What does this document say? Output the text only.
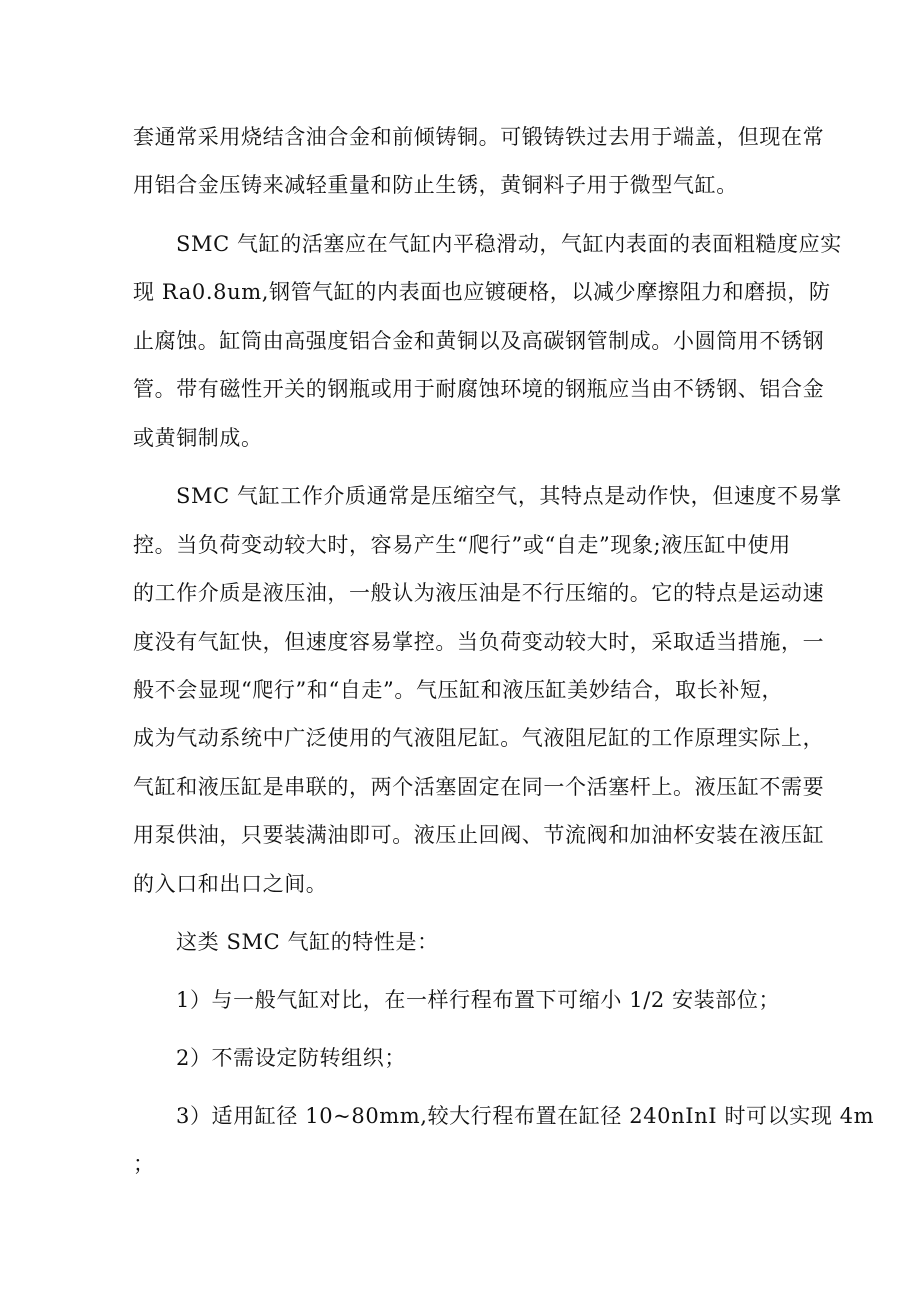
套通常采用烧结含油合金和前倾铸铜。可锻铸铁过去用于端盖，但现在常

用铝合金压铸来减轻重量和防止生锈，黄铜料子用于微型气缸。

SMC 气缸的活塞应在气缸内平稳滑动，气缸内表面的表面粗糙度应实

现 Ra0.8um,钢管气缸的内表面也应镀硬格，以减少摩擦阻力和磨损，防

止腐蚀。缸筒由高强度铝合金和黄铜以及高碳钢管制成。小圆筒用不锈钢

管。带有磁性开关的钢瓶或用于耐腐蚀环境的钢瓶应当由不锈钢、铝合金

或黄铜制成。

SMC 气缸工作介质通常是压缩空气，其特点是动作快，但速度不易掌

控。当负荷变动较大时，容易产生“爬行”或“自走”现象;液压缸中使用

的工作介质是液压油，一般认为液压油是不行压缩的。它的特点是运动速

度没有气缸快，但速度容易掌控。当负荷变动较大时，采取适当措施，一

般不会显现“爬行”和“自走”。气压缸和液压缸美妙结合，取长补短，

成为气动系统中广泛使用的气液阻尼缸。气液阻尼缸的工作原理实际上，

气缸和液压缸是串联的，两个活塞固定在同一个活塞杆上。液压缸不需要

用泵供油，只要装满油即可。液压止回阀、节流阀和加油杯安装在液压缸

的入口和出口之间。

这类 SMC 气缸的特性是：

1）与一般气缸对比，在一样行程布置下可缩小 1/2 安装部位；

2）不需设定防转组织；

3）适用缸径 10~80mm,较大行程布置在缸径 240nInI 时可以实现 4m

；
